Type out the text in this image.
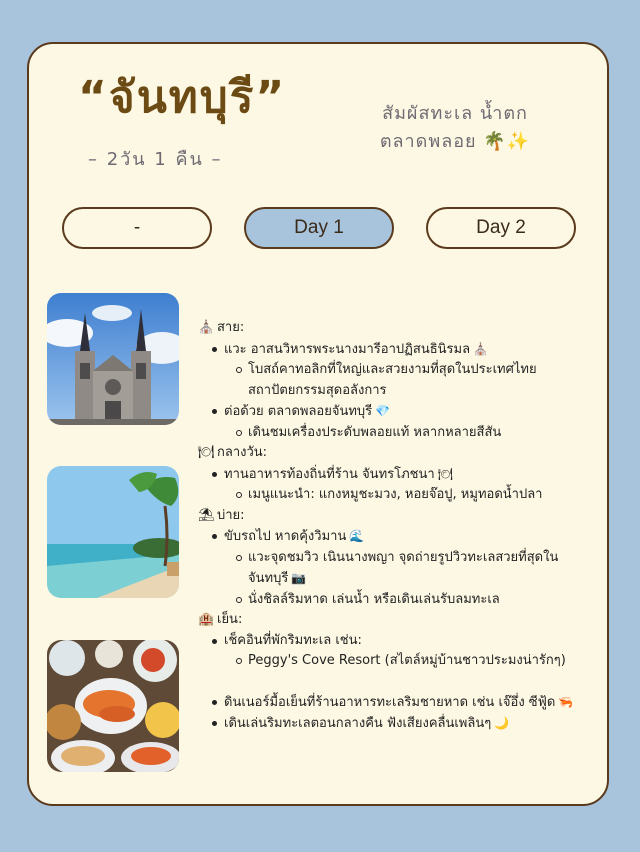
“จันทบุรี”
– 2วัน 1 คืน –
สัมผัสทะเล น้ำตก
ตลาดพลอย 🌴✨
-	Day 1	Day 2
⛪ สาย:
แวะ อาสนวิหารพระนางมารีอาปฏิสนธินิรมล ⛪
โบสถ์คาทอลิกที่ใหญ่และสวยงามที่สุดในประเทศไทย สถาปัตยกรรมสุดอลังการ
ต่อด้วย ตลาดพลอยจันทบุรี 💎
เดินชมเครื่องประดับพลอยแท้ หลากหลายสีสัน
🍽 กลางวัน:
ทานอาหารท้องถิ่นที่ร้าน จันทรโภชนา 🍽
เมนูแนะนำ: แกงหมูชะมวง, หอยจ๊อปู, หมูทอดน้ำปลา
⛱ บ่าย:
ขับรถไป หาดคุ้งวิมาน 🌊
แวะจุดชมวิว เนินนางพญา จุดถ่ายรูปวิวทะเลสวยที่สุดใน จันทบุรี 📷
นั่งชิลล์ริมหาด เล่นน้ำ หรือเดินเล่นรับลมทะเล
🏨 เย็น:
เช็คอินที่พักริมทะเล เช่น:
Peggy's Cove Resort (สไตล์หมู่บ้านชาวประมงน่ารักๆ)
ดินเนอร์มื้อเย็นที่ร้านอาหารทะเลริมชายหาด เช่น เจ๊อึ่ง ซีฟู้ด 🦐
เดินเล่นริมทะเลตอนกลางคืน ฟังเสียงคลื่นเพลินๆ 🌙
